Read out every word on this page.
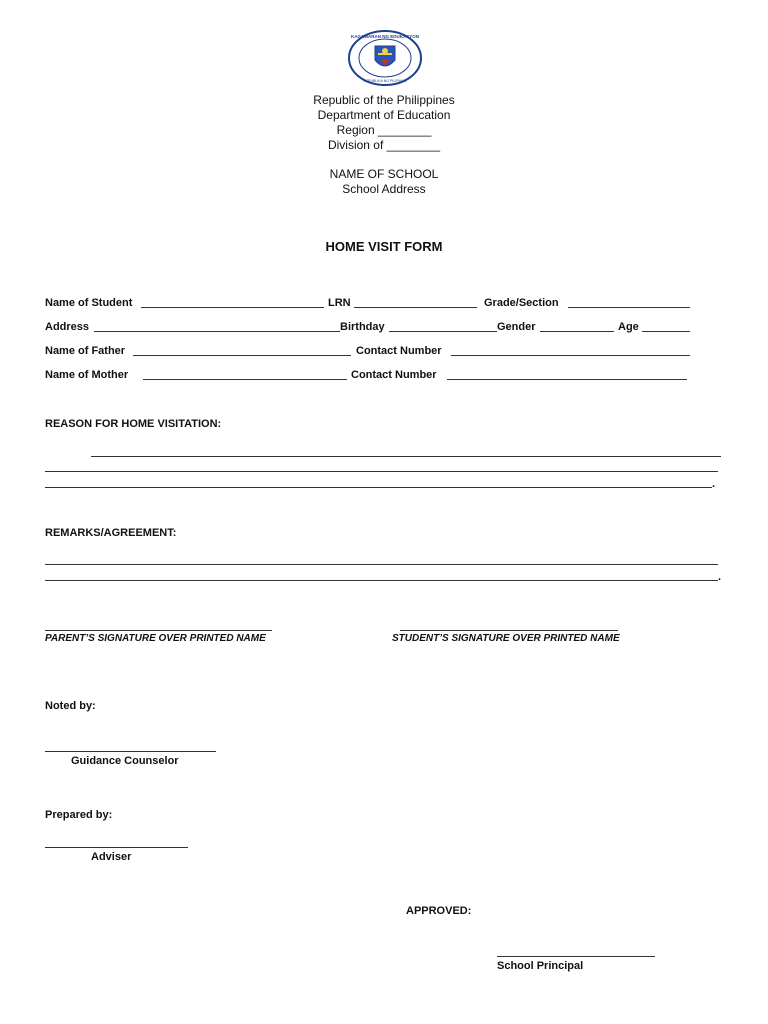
KAGAWARAN NG EDUKASYON
REPUBLIKA NG PILIPINAS
Republic of the Philippines
Department of Education
Region ________
Division of ________
NAME OF SCHOOL
School Address
HOME VISIT FORM
Name of Student	LRN	Grade/Section
Address	Birthday	Gender	Age
Name of Father	Contact Number
Name of Mother	Contact Number
REASON FOR HOME VISITATION:
.
REMARKS/AGREEMENT:
.
PARENT’S SIGNATURE OVER PRINTED NAME	STUDENT’S SIGNATURE OVER PRINTED NAME
Noted by:
Guidance Counselor
Prepared by:
Adviser
APPROVED:
School Principal
